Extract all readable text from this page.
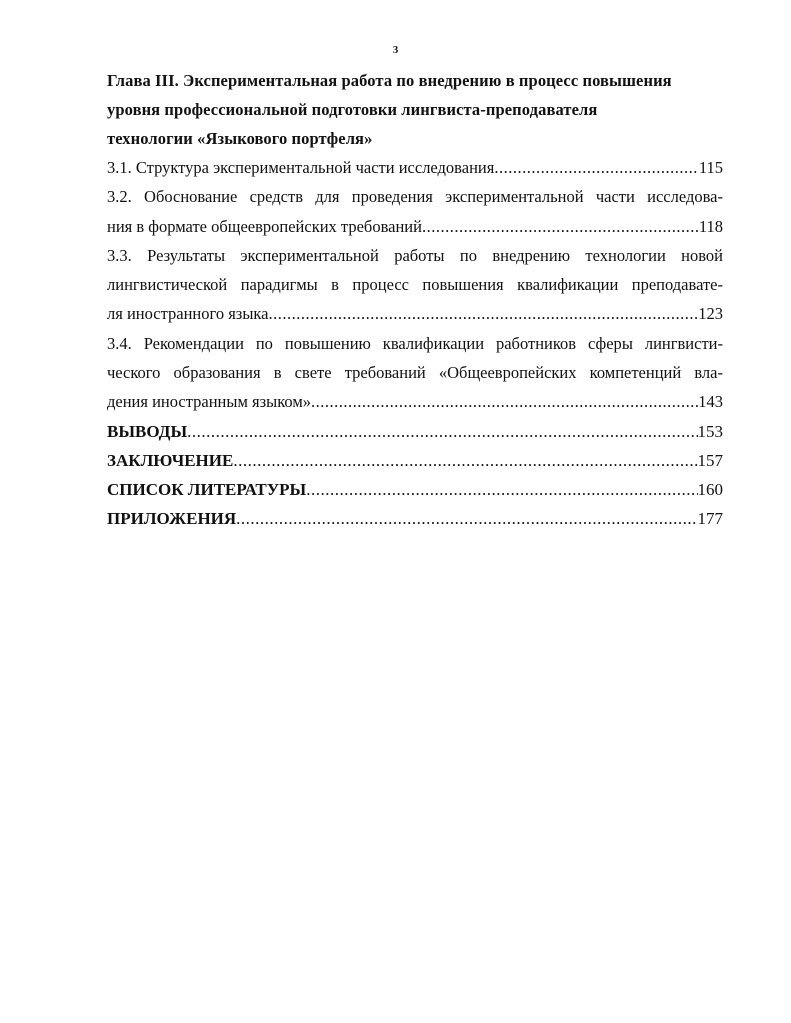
3

Глава III. Экспериментальная работа по внедрению в процесс повышения

уровня профессиональной подготовки лингвиста-преподавателя

технологии «Языкового портфеля»

3.1. Структура экспериментальной части исследования .....	115
3.2. Обоснование средств для проведения экспериментальной части исследова-
ния в формате общеевропейских требований .....	118
3.3. Результаты экспериментальной работы по внедрению технологии новой
лингвистической парадигмы в процесс повышения квалификации преподавате-
ля иностранного языка .....	123
3.4. Рекомендации по повышению квалификации работников сферы лингвисти-
ческого образования в свете требований «Общеевропейских компетенций вла-
дения иностранным языком» .....	143
ВЫВОДЫ .....	153
ЗАКЛЮЧЕНИЕ .....	157
СПИСОК ЛИТЕРАТУРЫ .....	160
ПРИЛОЖЕНИЯ .....	177
